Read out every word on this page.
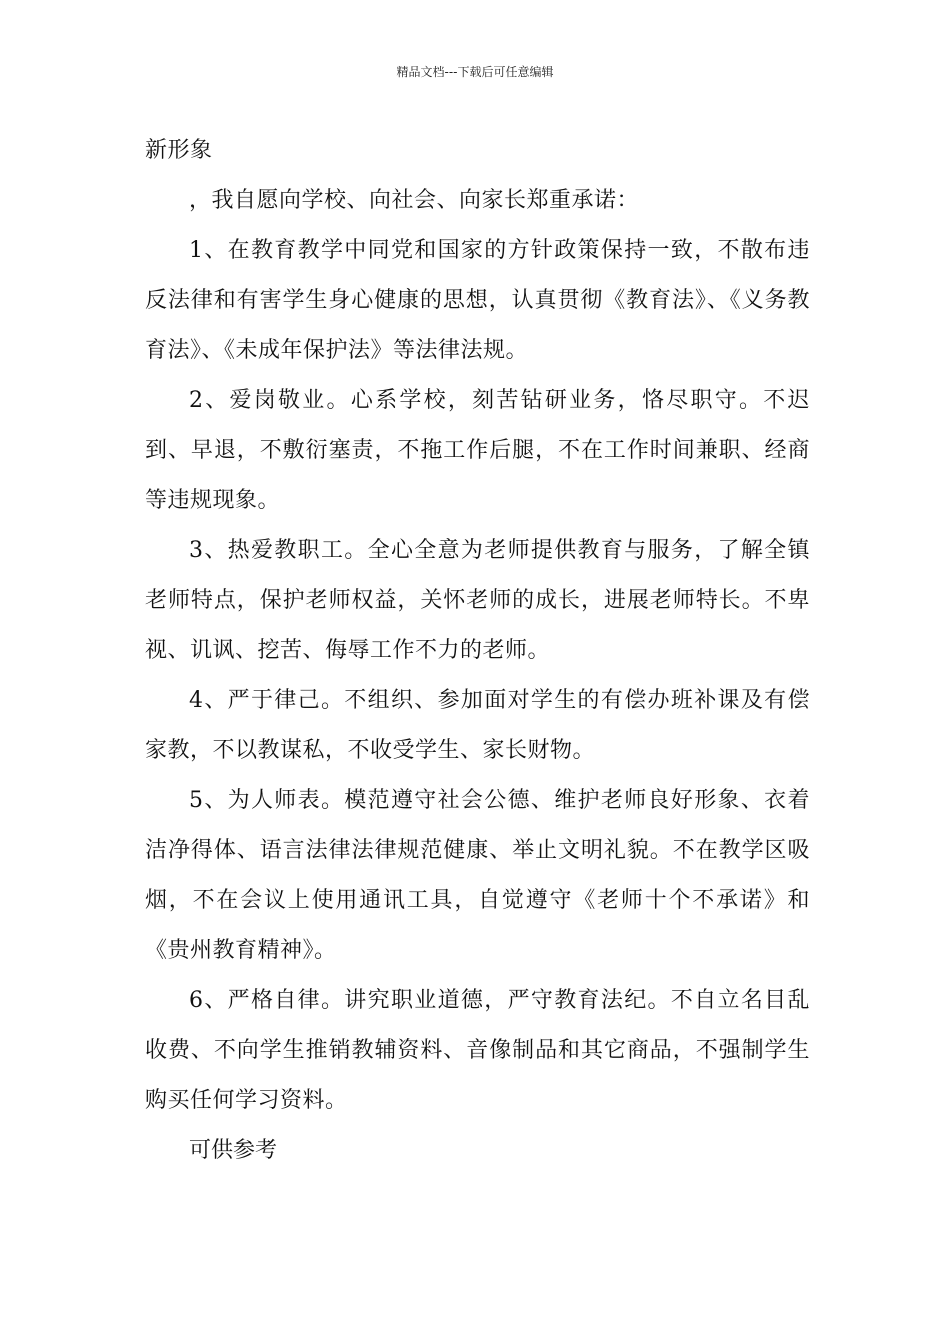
精品文档---下载后可任意编辑

新形象

，我自愿向学校、向社会、向家长郑重承诺：

1、在教育教学中同党和国家的方针政策保持一致，不散布违反法律和有害学生身心健康的思想，认真贯彻《教育法》、《义务教育法》、《未成年保护法》等法律法规。

2、爱岗敬业。心系学校，刻苦钻研业务，恪尽职守。不迟到、早退，不敷衍塞责，不拖工作后腿，不在工作时间兼职、经商等违规现象。

3、热爱教职工。全心全意为老师提供教育与服务，了解全镇老师特点，保护老师权益，关怀老师的成长，进展老师特长。不卑视、讥讽、挖苦、侮辱工作不力的老师。

4、严于律己。不组织、参加面对学生的有偿办班补课及有偿家教，不以教谋私，不收受学生、家长财物。

5、为人师表。模范遵守社会公德、维护老师良好形象、衣着洁净得体、语言法律法律规范健康、举止文明礼貌。不在教学区吸烟，不在会议上使用通讯工具，自觉遵守《老师十个不承诺》和《贵州教育精神》。

6、严格自律。讲究职业道德，严守教育法纪。不自立名目乱收费、不向学生推销教辅资料、音像制品和其它商品，不强制学生购买任何学习资料。

可供参考
